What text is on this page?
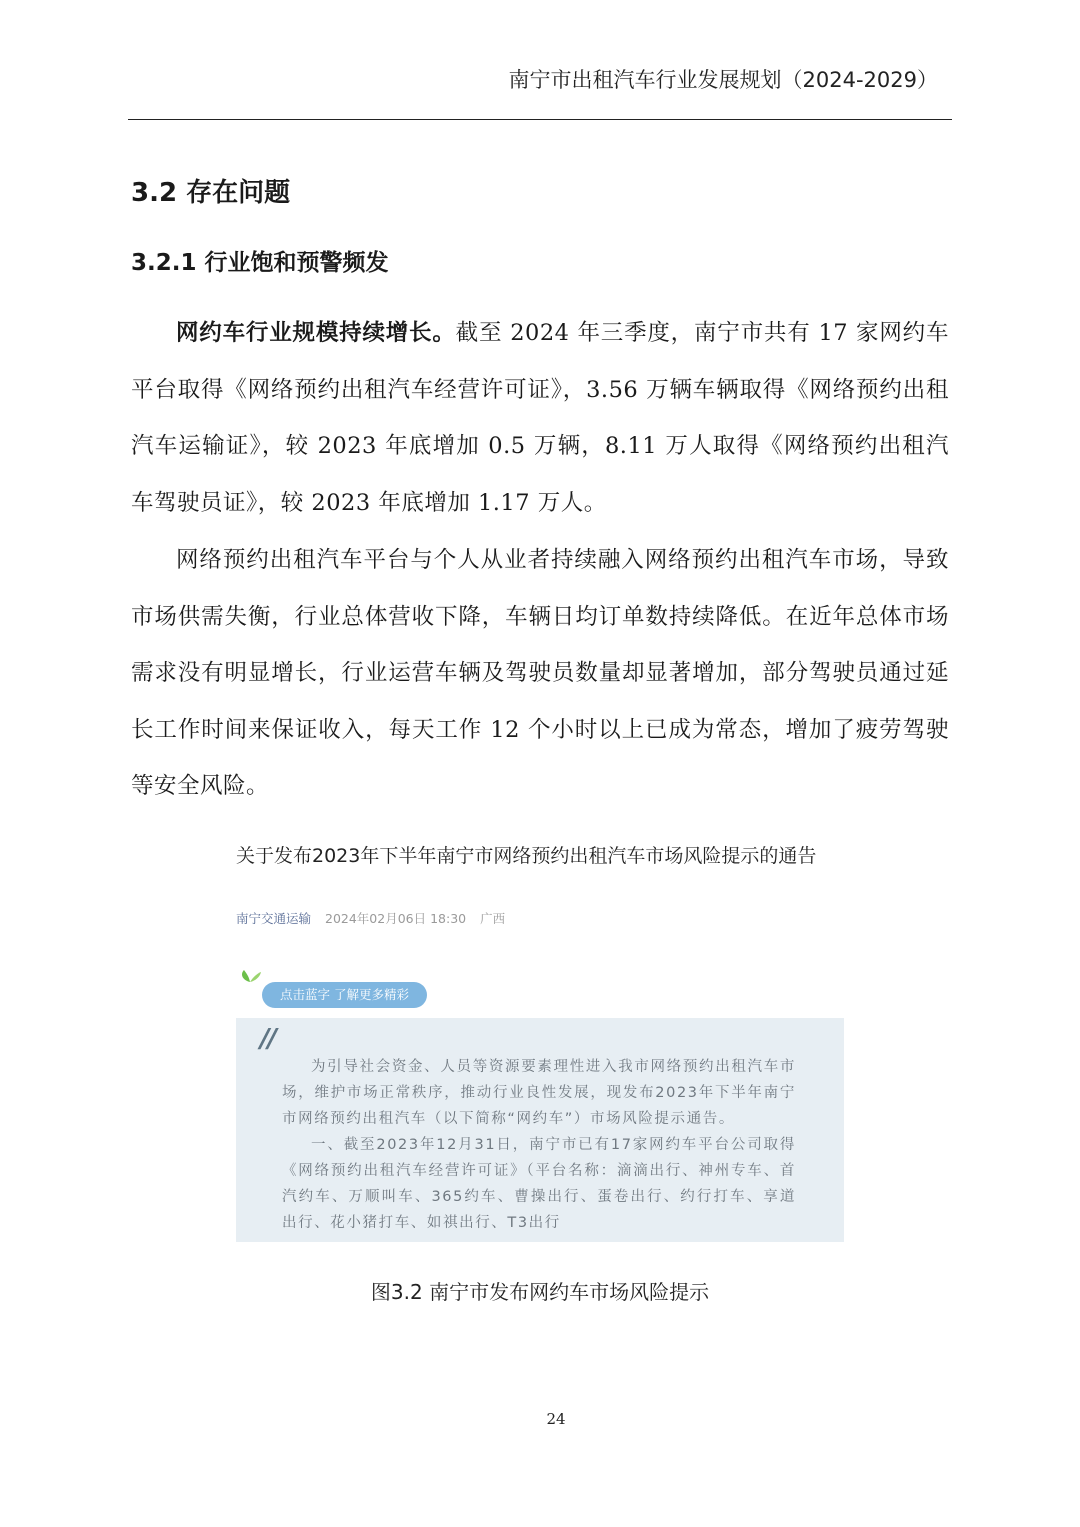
南宁市出租汽车行业发展规划（2024-2029）
3.2 存在问题
3.2.1 行业饱和预警频发

网约车行业规模持续增长。截至 2024 年三季度，南宁市共有 17 家网约车平台取得《网络预约出租汽车经营许可证》，3.56 万辆车辆取得《网络预约出租汽车运输证》，较 2023 年底增加 0.5 万辆，8.11 万人取得《网络预约出租汽车驾驶员证》，较 2023 年底增加 1.17 万人。

网络预约出租汽车平台与个人从业者持续融入网络预约出租汽车市场，导致市场供需失衡，行业总体营收下降，车辆日均订单数持续降低。在近年总体市场需求没有明显增长，行业运营车辆及驾驶员数量却显著增加，部分驾驶员通过延长工作时间来保证收入，每天工作 12 个小时以上已成为常态，增加了疲劳驾驶等安全风险。

关于发布2023年下半年南宁市网络预约出租汽车市场风险提示的通告
南宁交通运输 2024年02月06日 18:30 广西
点击蓝字 了解更多精彩
//

为引导社会资金、人员等资源要素理性进入我市网络预约出租汽车市场，维护市场正常秩序，推动行业良性发展，现发布2023年下半年南宁市网络预约出租汽车（以下简称“网约车”）市场风险提示通告。

一、截至2023年12月31日，南宁市已有17家网约车平台公司取得《网络预约出租汽车经营许可证》（平台名称：滴滴出行、神州专车、首汽约车、万顺叫车、365约车、曹操出行、蛋卷出行、约行打车、享道出行、花小猪打车、如祺出行、T3出行

图3.2 南宁市发布网约车市场风险提示
24
